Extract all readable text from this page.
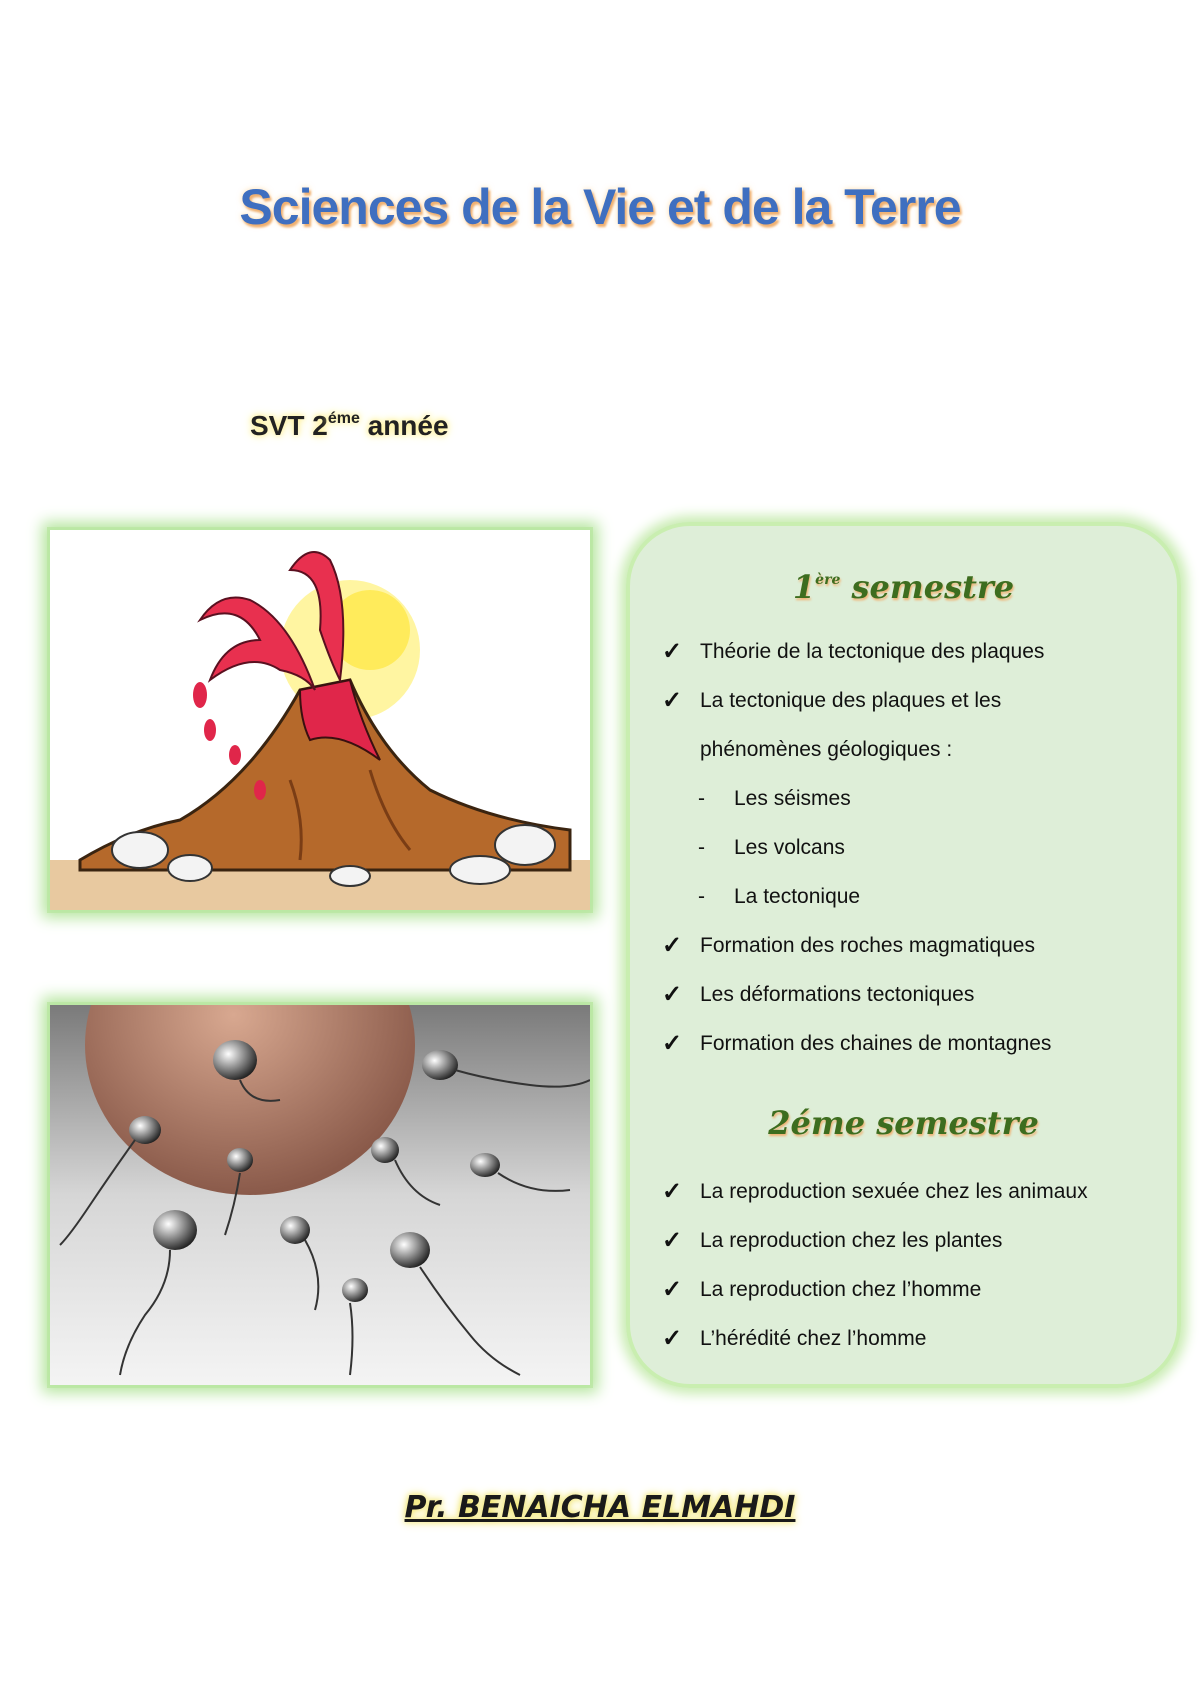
Sciences de la Vie et de la Terre
SVT $2^{éme}$ année
1ère semestre
✓ Théorie de la tectonique des plaques
✓ La tectonique des plaques et les
phénomènes géologiques :
- Les séismes
- Les volcans
- La tectonique
✓ Formation des roches magmatiques
✓ Les déformations tectoniques
✓ Formation des chaines de montagnes
2éme semestre
✓ La reproduction sexuée chez les animaux
✓ La reproduction chez les plantes
✓ La reproduction chez l’homme
✓ L’hérédité chez l’homme
Pr. BENAICHA ELMAHDI
